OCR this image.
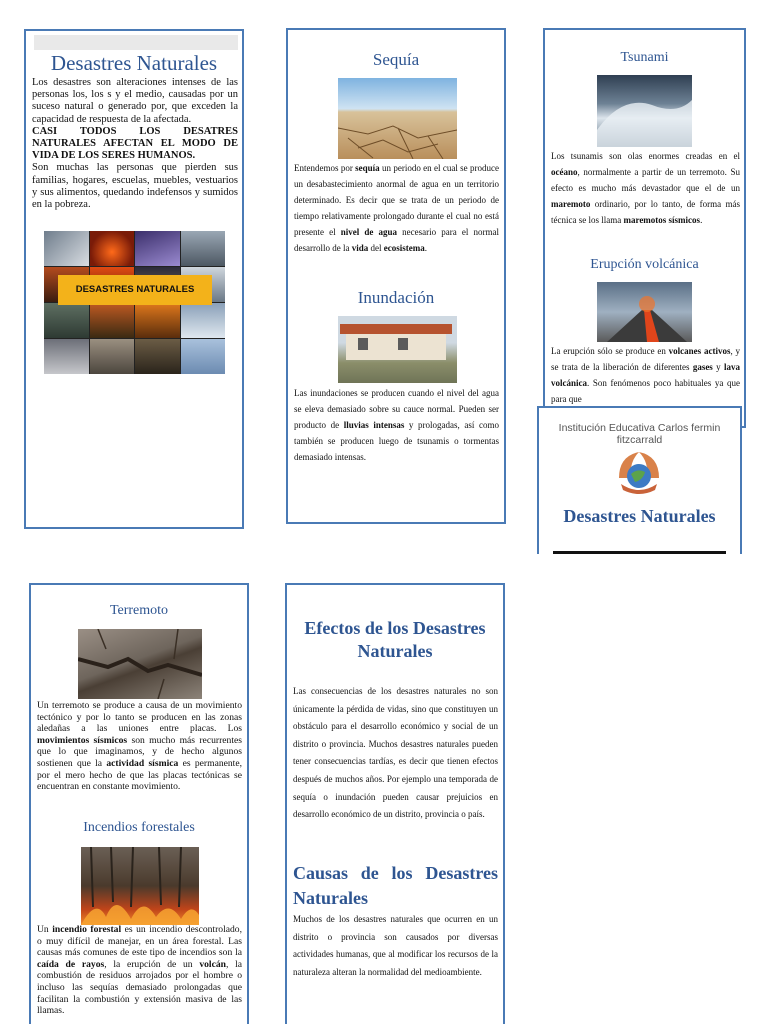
Desastres Naturales

Los desastres son alteraciones intenses de las personas los, los s y el medio, causadas por un suceso natural o generado por, que exceden la capacidad de respuesta de la afectada.

CASI TODOS LOS DESATRES NATURALES AFECTAN EL MODO DE VIDA DE LOS SERES HUMANOS.

Son muchas las personas que pierden sus familias, hogares, escuelas, muebles, vestuarios y sus alimentos, quedando indefensos y sumidos en la pobreza.

DESASTRES NATURALES
Sequía
Entendemos por sequía un periodo en el cual se produce un desabastecimiento anormal de agua en un territorio determinado. Es decir que se trata de un periodo de tiempo relativamente prolongado durante el cual no está presente el nivel de agua necesario para el normal desarrollo de la vida del ecosistema.
Inundación
Las inundaciones se producen cuando el nivel del agua se eleva demasiado sobre su cauce normal. Pueden ser producto de lluvias intensas y prologadas, así como también se producen luego de tsunamis o tormentas demasiado intensas.
Tsunami
Los tsunamis son olas enormes creadas en el océano, normalmente a partir de un terremoto. Su efecto es mucho más devastador que el de un maremoto ordinario, por lo tanto, de forma más técnica se los llama maremotos sísmicos.
Erupción volcánica
La erupción sólo se produce en volcanes activos, y se trata de la liberación de diferentes gases y lava volcánica. Son fenómenos poco habituales ya que para que
Institución Educativa Carlos fermin fitzcarrald
Desastres Naturales
Terremoto
Un terremoto se produce a causa de un movimiento tectónico y por lo tanto se producen en las zonas aledañas a las uniones entre placas. Los movimientos sísmicos son mucho más recurrentes que lo que imaginamos, y de hecho algunos sostienen que la actividad sísmica es permanente, por el mero hecho de que las placas tectónicas se encuentran en constante movimiento.
Incendios forestales
Un incendio forestal es un incendio descontrolado, o muy difícil de manejar, en un área forestal. Las causas más comunes de este tipo de incendios son la caída de rayos, la erupción de un volcán, la combustión de residuos arrojados por el hombre o incluso las sequías demasiado prolongadas que facilitan la combustión y extensión masiva de las llamas.
Efectos de los Desastres Naturales

Las consecuencias de los desastres naturales no son únicamente la pérdida de vidas, sino que constituyen un obstáculo para el desarrollo económico y social de un distrito o provincia. Muchos desastres naturales pueden tener consecuencias tardías, es decir que tienen efectos después de muchos años. Por ejemplo una temporada de sequía o inundación pueden causar prejuicios en desarrollo económico de un distrito, provincia o país.

Causas de los Desastres Naturales

Muchos de los desastres naturales que ocurren en un distrito o provincia son causados por diversas actividades humanas, que al modificar los recursos de la naturaleza alteran la normalidad del medioambiente.
